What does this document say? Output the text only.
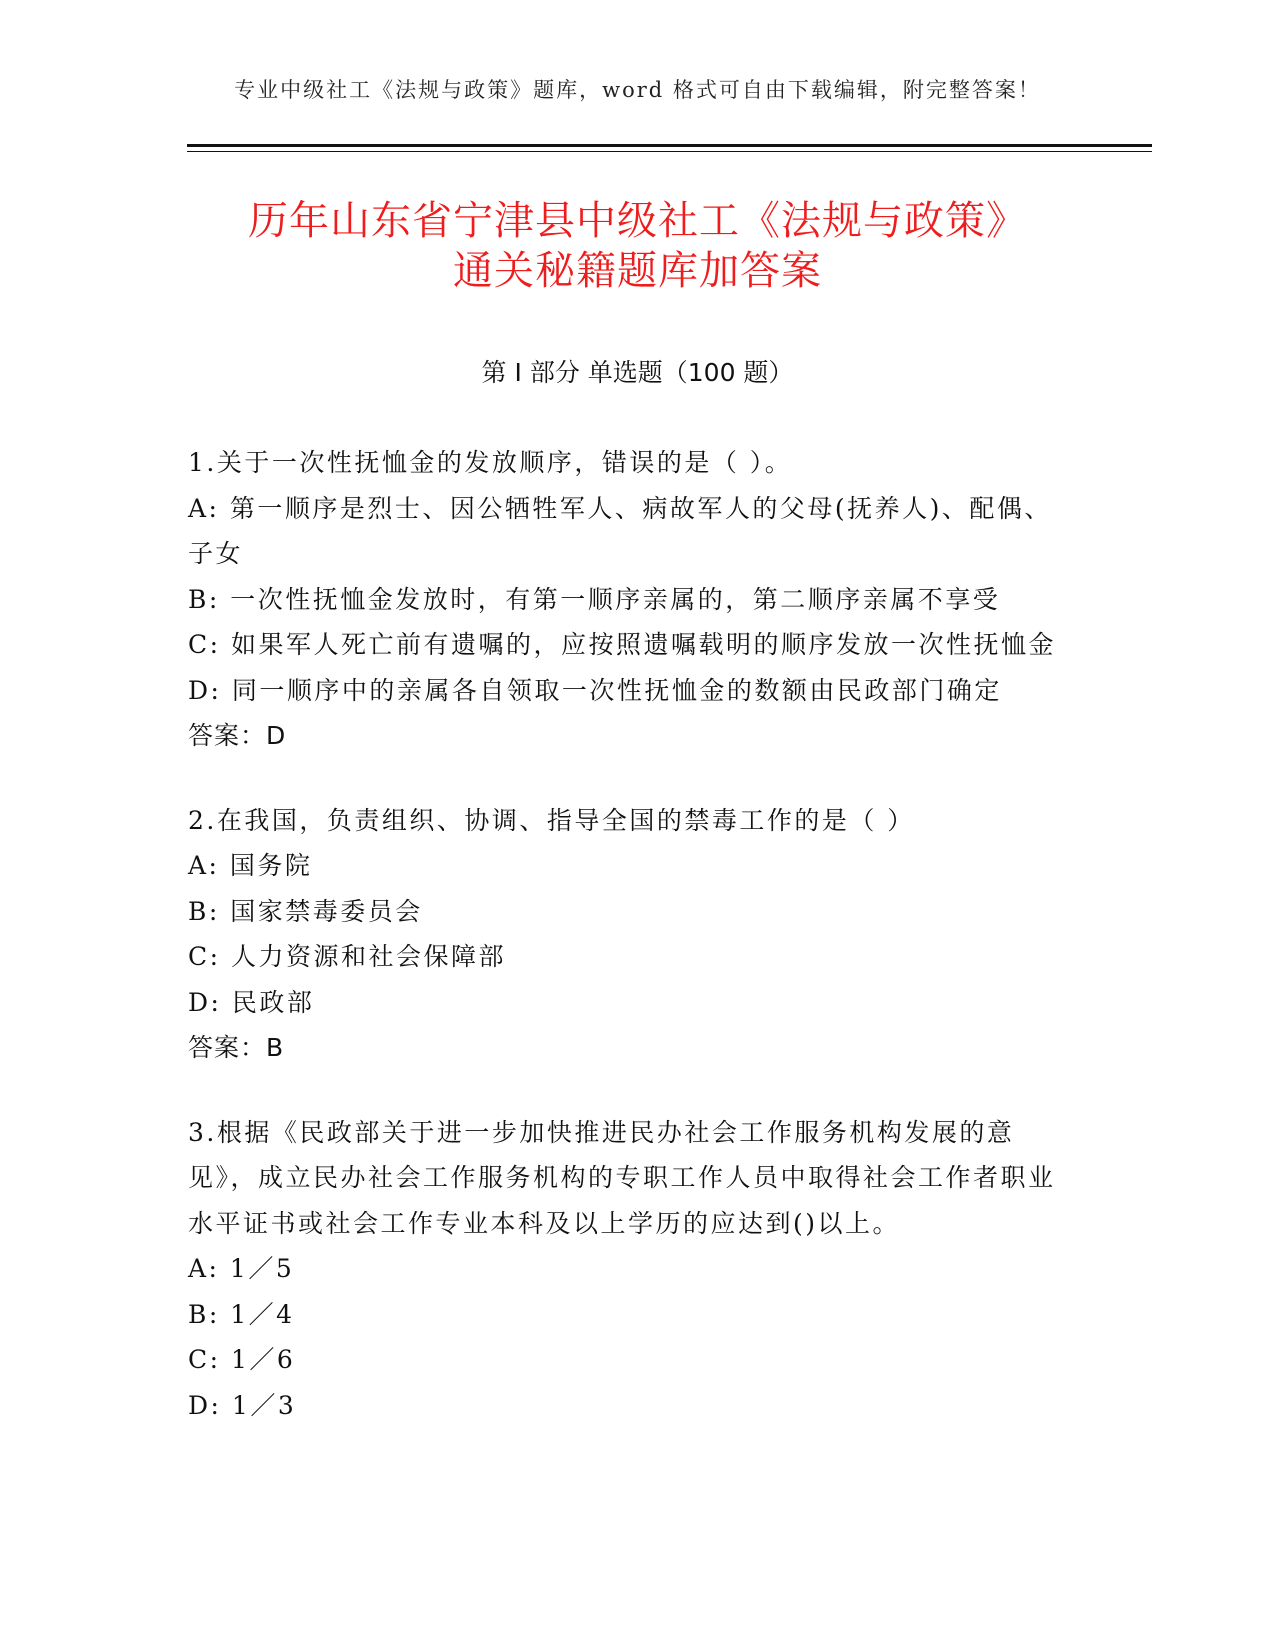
专业中级社工《法规与政策》题库，word 格式可自由下载编辑，附完整答案！
历年山东省宁津县中级社工《法规与政策》
通关秘籍题库加答案
第 I 部分 单选题（100 题）
1.关于一次性抚恤金的发放顺序，错误的是（ ）。
A: 第一顺序是烈士、因公牺牲军人、病故军人的父母(抚养人)、配偶、子女
B: 一次性抚恤金发放时，有第一顺序亲属的，第二顺序亲属不享受
C: 如果军人死亡前有遗嘱的，应按照遗嘱载明的顺序发放一次性抚恤金
D: 同一顺序中的亲属各自领取一次性抚恤金的数额由民政部门确定
答案：D
2.在我国，负责组织、协调、指导全国的禁毒工作的是（ ）
A: 国务院
B: 国家禁毒委员会
C: 人力资源和社会保障部
D: 民政部
答案：B
3.根据《民政部关于进一步加快推进民办社会工作服务机构发展的意见》，成立民办社会工作服务机构的专职工作人员中取得社会工作者职业水平证书或社会工作专业本科及以上学历的应达到()以上。
A: 1／5
B: 1／4
C: 1／6
D: 1／3
